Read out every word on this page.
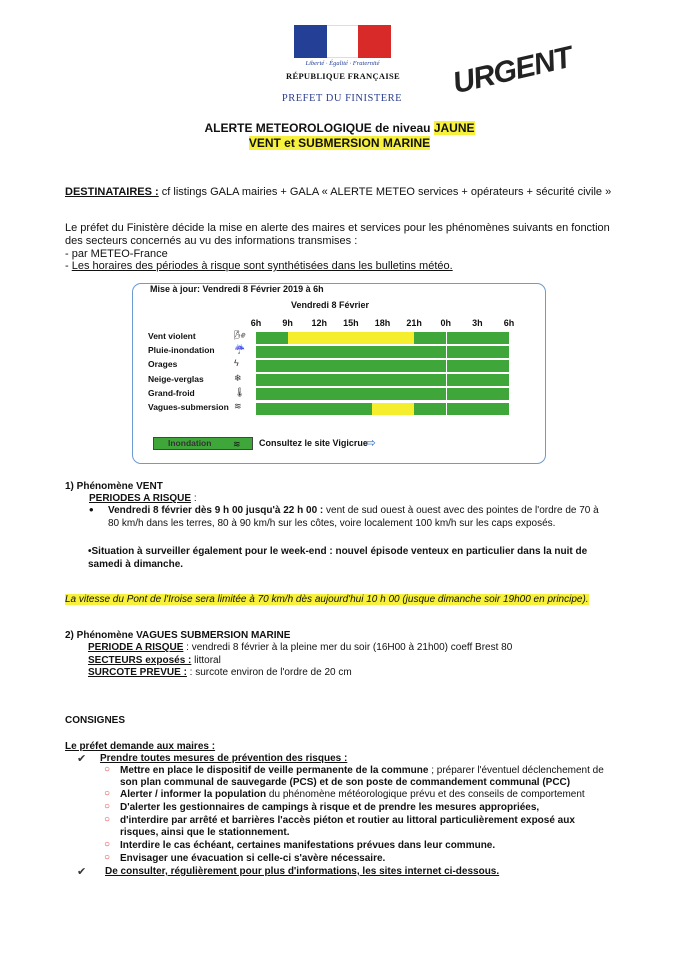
Liberté · Égalité · Fraternité
RÉPUBLIQUE FRANÇAISE
PREFET DU FINISTERE	URGENT
ALERTE METEOROLOGIQUE de niveau JAUNE
VENT et SUBMERSION MARINE
DESTINATAIRES : cf listings GALA mairies + GALA « ALERTE METEO services + opérateurs + sécurité civile »
Le préfet du Finistère décide la mise en alerte des maires et services pour les phénomènes suivants en fonction des secteurs concernés au vu des informations transmises :
- par METEO-France
- Les horaires des périodes à risque sont synthétisées dans les bulletins météo.
Mise à jour: Vendredi 8 Février 2019 à 6h
Vendredi 8 Février
6h	9h	12h	15h	18h	21h	0h	3h	6h
Vent violent	🌬
Pluie-inondation ☔
Orages	ϟ
Neige-verglas	❄
Grand-froid	🌡
Vagues-submersion ≋
Inondation	≋ Consultez le site Vigicrue
⇨
1) Phénomène VENT
PERIODES A RISQUE :
• Vendredi 8 février dès 9 h 00 jusqu'à 22 h 00 : vent de sud ouest à ouest avec des pointes de l'ordre de 70 à
80 km/h dans les terres, 80 à 90 km/h sur les côtes, voire localement 100 km/h sur les caps exposés.
•Situation à surveiller également pour le week-end : nouvel épisode venteux en particulier dans la nuit de
samedi à dimanche.
La vitesse du Pont de l'Iroise sera limitée à 70 km/h dès aujourd'hui 10 h 00 (jusque dimanche soir 19h00 en principe).
2) Phénomène VAGUES SUBMERSION MARINE
PERIODE A RISQUE : vendredi 8 février à la pleine mer du soir (16H00 à 21h00) coeff Brest 80
SECTEURS exposés : littoral
SURCOTE PREVUE : : surcote environ de l'ordre de 20 cm
CONSIGNES
Le préfet demande aux maires :
✔ Prendre toutes mesures de prévention des risques :
○ Mettre en place le dispositif de veille permanente de la commune ; préparer l'éventuel déclenchement de
son plan communal de sauvegarde (PCS) et de son poste de commandement communal (PCC)
○ Alerter / informer la population du phénomène météorologique prévu et des conseils de comportement
○ D'alerter les gestionnaires de campings à risque et de prendre les mesures appropriées,
○ d'interdire par arrêté et barrières l'accès piéton et routier au littoral particulièrement exposé aux
risques, ainsi que le stationnement.
○ Interdire le cas échéant, certaines manifestations prévues dans leur commune.
○ Envisager une évacuation si celle-ci s'avère nécessaire.
✔ De consulter, régulièrement pour plus d'informations, les sites internet ci-dessous.
